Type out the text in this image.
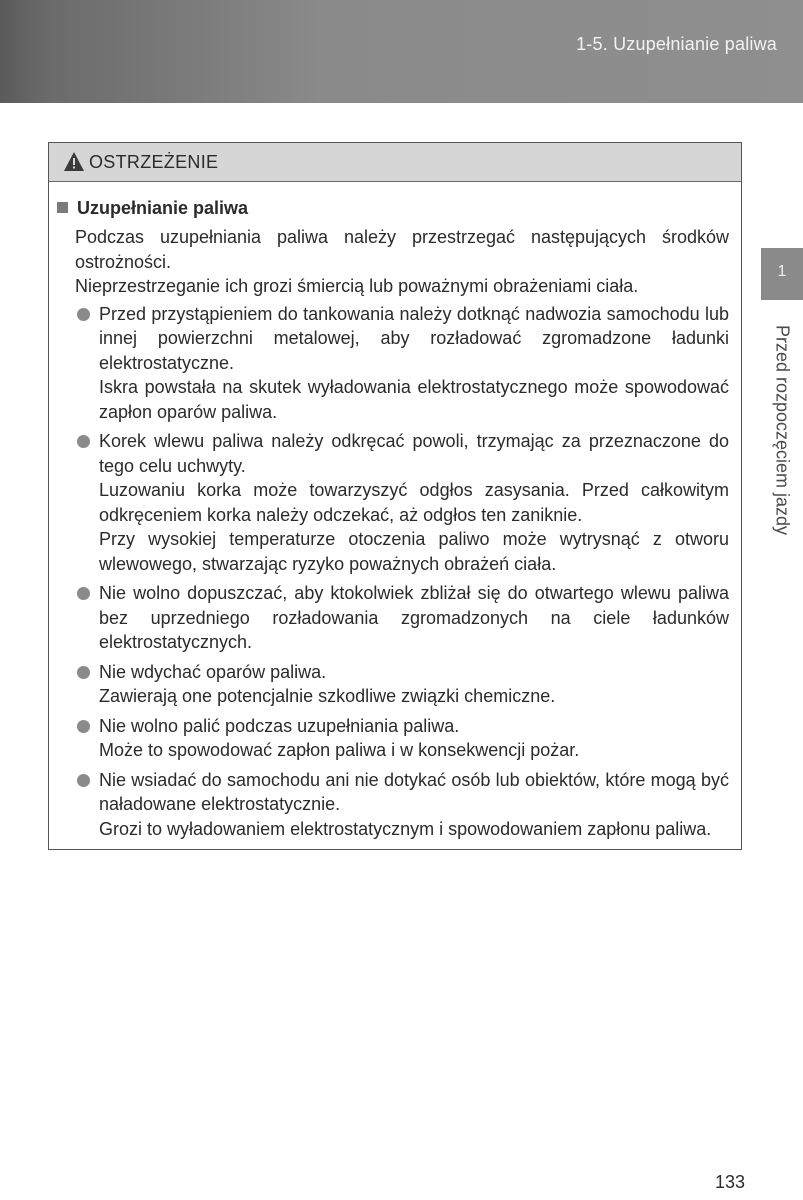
1-5. Uzupełnianie paliwa
1
Przed rozpoczęciem jazdy
OSTRZEŻENIE
Uzupełnianie paliwa

Podczas uzupełniania paliwa należy przestrzegać następujących środków ostrożności.

Nieprzestrzeganie ich grozi śmiercią lub poważnymi obrażeniami ciała.

Przed przystąpieniem do tankowania należy dotknąć nadwozia samochodu lub innej powierzchni metalowej, aby rozładować zgromadzone ładunki elektrostatyczne.

Iskra powstała na skutek wyładowania elektrostatycznego może spowodować zapłon oparów paliwa.

Korek wlewu paliwa należy odkręcać powoli, trzymając za przeznaczone do tego celu uchwyty.

Luzowaniu korka może towarzyszyć odgłos zasysania. Przed całkowitym odkręceniem korka należy odczekać, aż odgłos ten zaniknie.

Przy wysokiej temperaturze otoczenia paliwo może wytrysnąć z otworu wlewowego, stwarzając ryzyko poważnych obrażeń ciała.

Nie wolno dopuszczać, aby ktokolwiek zbliżał się do otwartego wlewu paliwa bez uprzedniego rozładowania zgromadzonych na ciele ładunków elektrostatycznych.

Nie wdychać oparów paliwa.

Zawierają one potencjalnie szkodliwe związki chemiczne.

Nie wolno palić podczas uzupełniania paliwa.

Może to spowodować zapłon paliwa i w konsekwencji pożar.

Nie wsiadać do samochodu ani nie dotykać osób lub obiektów, które mogą być naładowane elektrostatycznie.

Grozi to wyładowaniem elektrostatycznym i spowodowaniem zapłonu paliwa.

133
